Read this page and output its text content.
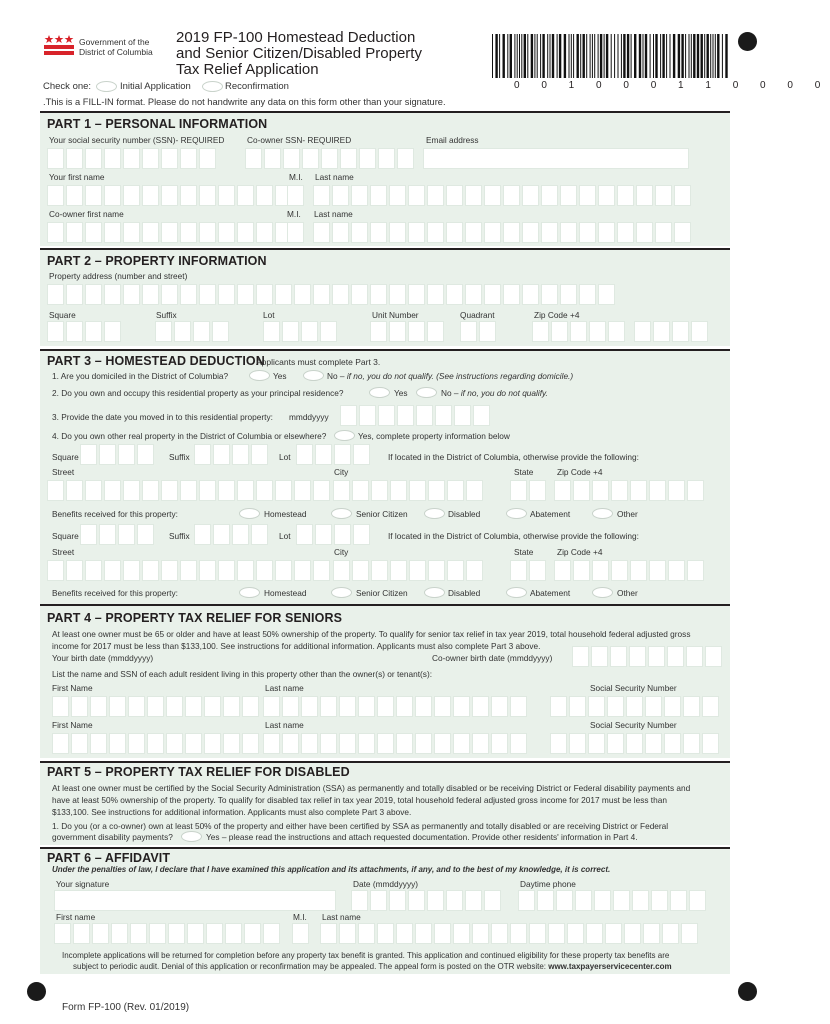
Government of the
District of Columbia
2019 FP-100 Homestead Deduction
and Senior Citizen/Disabled Property
Tax Relief Application
0 0 1 0 0 0 1 1 0 0 0 0
Check one:	Initial Application	Reconfirmation
.This is a FILL-IN format. Please do not handwrite any data on this form other than your signature.
PART 1 – PERSONAL INFORMATION
Your social security number (SSN)- REQUIRED	Co-owner SSN- REQUIRED	Email address
Your first name	M.I. Last name
Co-owner first name	M.I. Last name
PART 2 – PROPERTY INFORMATION
Property address (number and street)
Square	Suffix	Lot	Unit Number	Quadrant	Zip Code +4
PART 3 – HOMESTEAD DEDUCTION
Applicants must complete Part 3.
1. Are you domiciled in the District of Columbia?	Yes	No – if no, you do not qualify. (See instructions regarding domicile.)
2. Do you own and occupy this residential property as your principal residence?	Yes	No – if no, you do not qualify.
3. Provide the date you moved in to this residential property: mmddyyyy
4. Do you own other real property in the District of Columbia or elsewhere?	Yes, complete property information below
Square	Suffix	Lot	If located in the District of Columbia, otherwise provide the following:
Street	City	State	Zip Code +4
Benefits received for this property:	Homestead	Senior Citizen	Disabled	Abatement	Other
Square	Suffix	Lot	If located in the District of Columbia, otherwise provide the following:
Street	City	State	Zip Code +4
Benefits received for this property:	Homestead	Senior Citizen	Disabled	Abatement	Other
PART 4 – PROPERTY TAX RELIEF FOR SENIORS
At least one owner must be 65 or older and have at least 50% ownership of the property. To qualify for senior tax relief in tax year 2019, total household federal adjusted gross
income for 2017 must be less than $133,100. See instructions for additional information. Applicants must also complete Part 3 above.
Your birth date (mmddyyyy)	Co-owner birth date (mmddyyyy)
List the name and SSN of each adult resident living in this property other than the owner(s) or tenant(s):
First Name	Last name	Social Security Number
First Name	Last name	Social Security Number
PART 5 – PROPERTY TAX RELIEF FOR DISABLED
At least one owner must be certified by the Social Security Administration (SSA) as permanently and totally disabled or be receiving District or Federal disability payments and
have at least 50% ownership of the property. To qualify for disabled tax relief in tax year 2019, total household federal adjusted gross income for 2017 must be less than
$133,100. See instructions for additional information. Applicants must also complete Part 3 above.
1. Do you (or a co-owner) own at least 50% of the property and either have been certified by SSA as permanently and totally disabled or are receiving District or Federal
government disability payments?	Yes – please read the instructions and attach requested documentation. Provide other residents' information in Part 4.
PART 6 – AFFIDAVIT
Under the penalties of law, I declare that I have examined this application and its attachments, if any, and to the best of my knowledge, it is correct.
Your signature	Date (mmddyyyy)	Daytime phone
First name	M.I. Last name
Incomplete applications will be returned for completion before any property tax benefit is granted. This application and continued eligibility for these property tax benefits are
subject to periodic audit. Denial of this application or reconfirmation may be appealed. The appeal form is posted on the OTR website: www.taxpayerservicecenter.com
Form FP-100 (Rev. 01/2019)
